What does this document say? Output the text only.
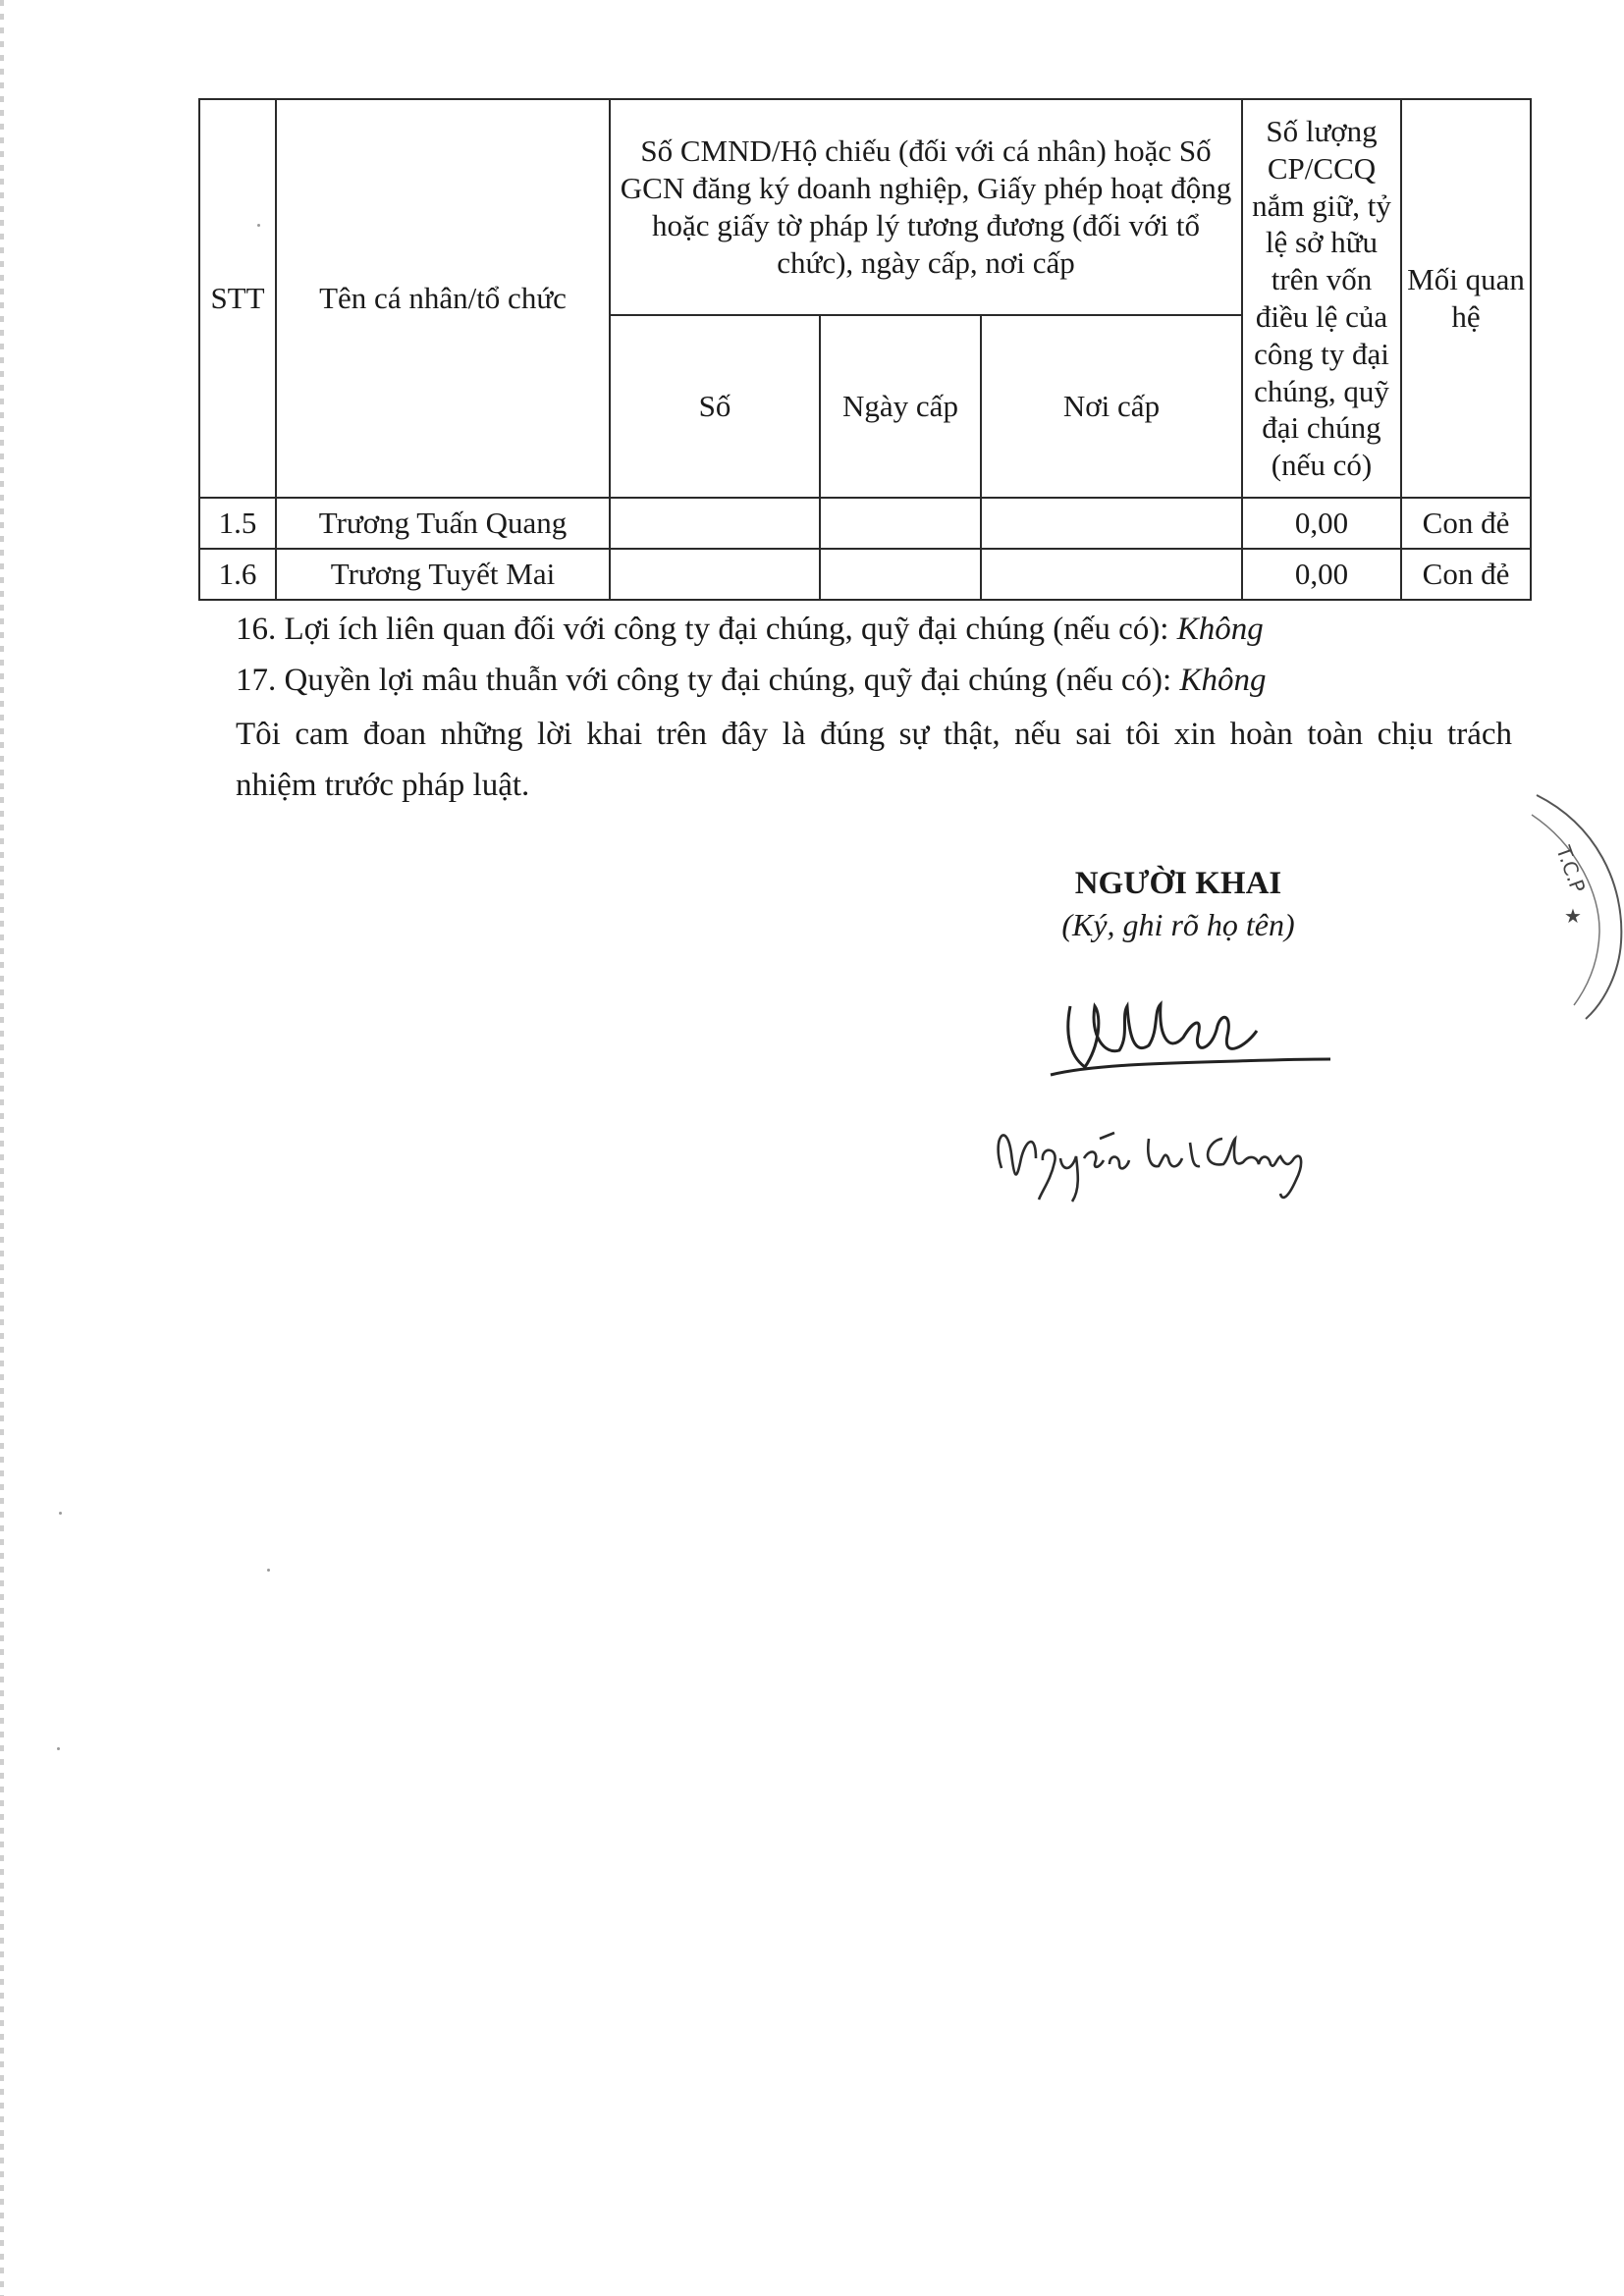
STT	Tên cá nhân/tổ chức	Số CMND/Hộ chiếu (đối với cá nhân) hoặc Số GCN đăng ký doanh nghiệp, Giấy phép hoạt động hoặc giấy tờ pháp lý tương đương (đối với tổ chức), ngày cấp, nơi cấp			Số lượng CP/CCQ nắm giữ, tỷ lệ sở hữu trên vốn điều lệ của công ty đại chúng, quỹ đại chúng (nếu có)	Mối quan hệ
		Số	Ngày cấp	Nơi cấp		
1.5	Trương Tuấn Quang				0,00	Con đẻ
1.6	Trương Tuyết Mai				0,00	Con đẻ
16. Lợi ích liên quan đối với công ty đại chúng, quỹ đại chúng (nếu có): Không
17. Quyền lợi mâu thuẫn với công ty đại chúng, quỹ đại chúng (nếu có): Không
Tôi cam đoan những lời khai trên đây là đúng sự thật, nếu sai tôi xin hoàn toàn chịu trách
nhiệm trước pháp luật.
NGƯỜI KHAI
(Ký, ghi rõ họ tên)
T.C.P
★
